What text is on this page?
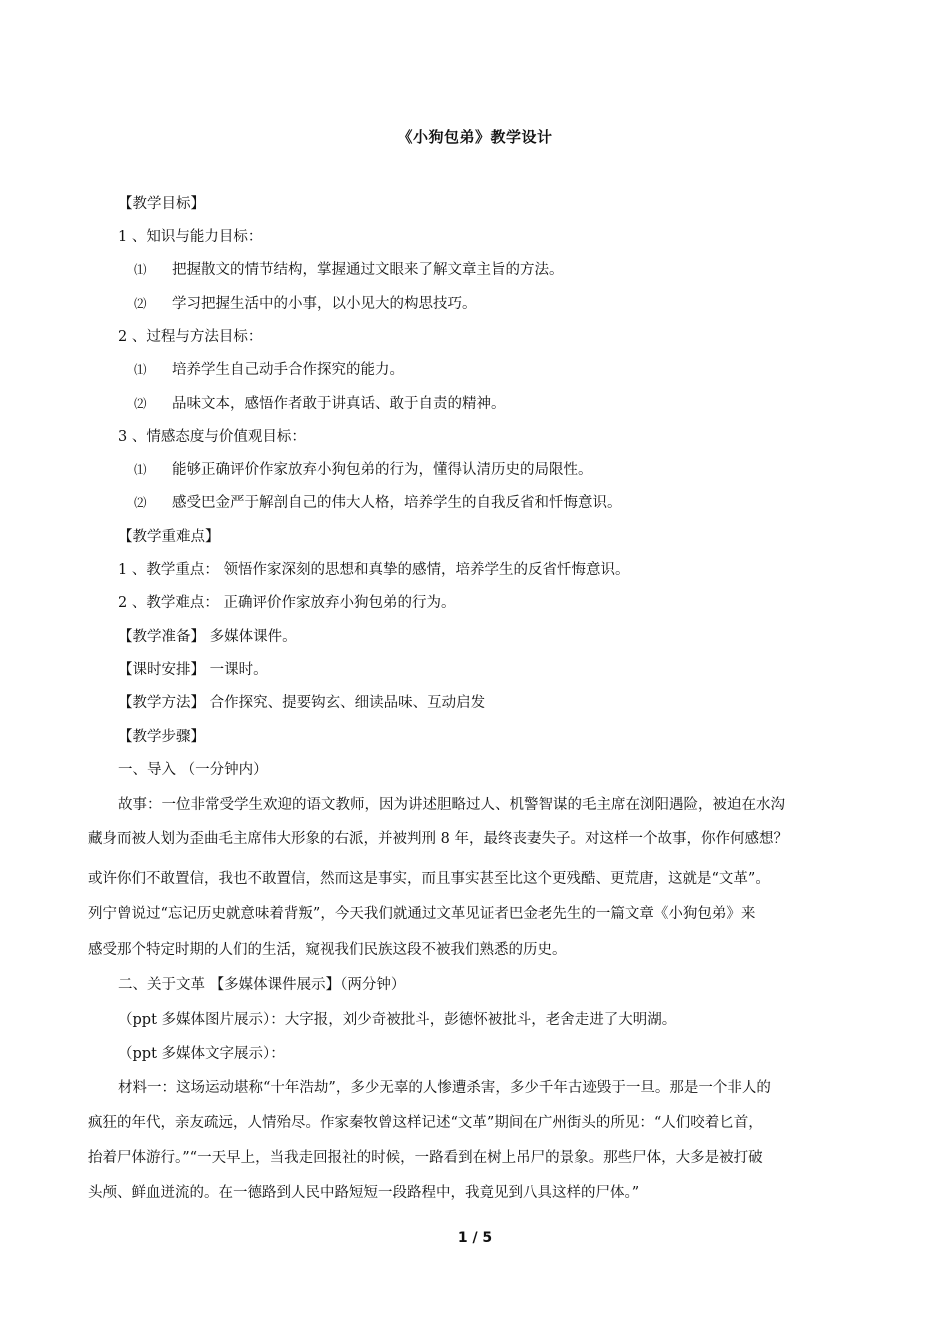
《小狗包弟》教学设计
【教学目标】
1 、知识与能力目标：
⑴ 把握散文的情节结构，掌握通过文眼来了解文章主旨的方法。
⑵ 学习把握生活中的小事，以小见大的构思技巧。
2 、过程与方法目标：
⑴ 培养学生自己动手合作探究的能力。
⑵ 品味文本，感悟作者敢于讲真话、敢于自责的精神。
3 、情感态度与价值观目标：
⑴ 能够正确评价作家放弃小狗包弟的行为，懂得认清历史的局限性。
⑵ 感受巴金严于解剖自己的伟大人格，培养学生的自我反省和忏悔意识。
【教学重难点】
1 、教学重点： 领悟作家深刻的思想和真挚的感情，培养学生的反省忏悔意识。
2 、教学难点： 正确评价作家放弃小狗包弟的行为。
【教学准备】 多媒体课件。
【课时安排】 一课时。
【教学方法】 合作探究、提要钩玄、细读品味、互动启发
【教学步骤】
一、导入 （一分钟内）
故事：一位非常受学生欢迎的语文教师，因为讲述胆略过人、机警智谋的毛主席在浏阳遇险，被迫在水沟
藏身而被人划为歪曲毛主席伟大形象的右派，并被判刑 8 年，最终丧妻失子。对这样一个故事，你作何感想？
或许你们不敢置信，我也不敢置信，然而这是事实，而且事实甚至比这个更残酷、更荒唐，这就是“文革”。
列宁曾说过“忘记历史就意味着背叛”，今天我们就通过文革见证者巴金老先生的一篇文章《小狗包弟》来
感受那个特定时期的人们的生活，窥视我们民族这段不被我们熟悉的历史。
二、关于文革 【多媒体课件展示】（两分钟）
（ppt 多媒体图片展示）：大字报，刘少奇被批斗，彭德怀被批斗，老舍走进了大明湖。
（ppt 多媒体文字展示）：
材料一：这场运动堪称“十年浩劫”，多少无辜的人惨遭杀害，多少千年古迹毁于一旦。那是一个非人的
疯狂的年代，亲友疏远，人情殆尽。作家秦牧曾这样记述“文革”期间在广州街头的所见：“人们咬着匕首，
抬着尸体游行。”“一天早上，当我走回报社的时候，一路看到在树上吊尸的景象。那些尸体，大多是被打破
头颅、鲜血迸流的。在一德路到人民中路短短一段路程中，我竟见到八具这样的尸体。”
1 / 5
